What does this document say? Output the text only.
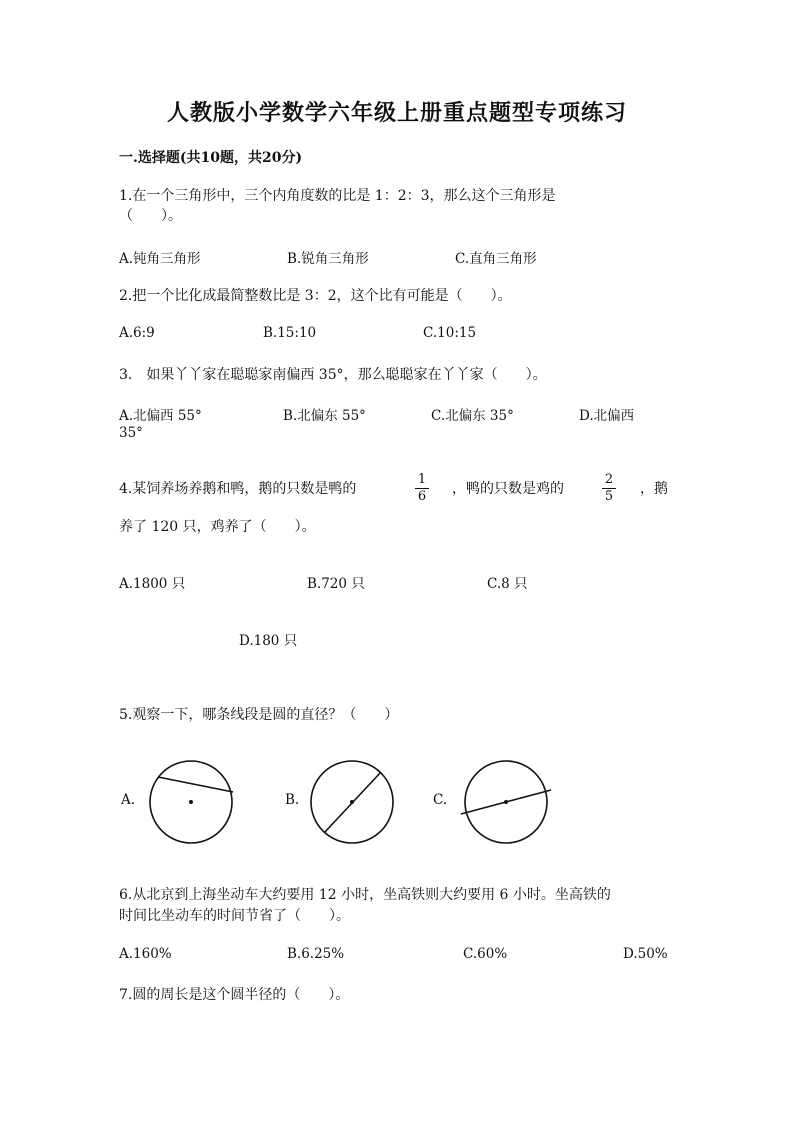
人教版小学数学六年级上册重点题型专项练习
一.选择题(共10题，共20分)
1.在一个三角形中，三个内角度数的比是 1：2：3，那么这个三角形是
（　　）。
A.钝角三角形	B.锐角三角形	C.直角三角形
2.把一个比化成最简整数比是 3：2，这个比有可能是（　　）。
A.6:9	B.15:10	C.10:15
3.　如果丫丫家在聪聪家南偏西 35°，那么聪聪家在丫丫家（　　）。
A.北偏西 55°	B.北偏东 55°	C.北偏东 35°	D.北偏西
35°
4.某饲养场养鹅和鸭，鹅的只数是鸭的
1
6 ，鸭的只数是鸡的
2
5 ，鹅
养了 120 只，鸡养了（　　）。
A.1800 只	B.720 只	C.8 只
D.180 只
5.观察一下，哪条线段是圆的直径？（　　）
A.	B.	C.
6.从北京到上海坐动车大约要用 12 小时，坐高铁则大约要用 6 小时。坐高铁的
时间比坐动车的时间节省了（　　）。
A.160%	B.6.25%	C.60%	D.50%
7.圆的周长是这个圆半径的（　　）。
